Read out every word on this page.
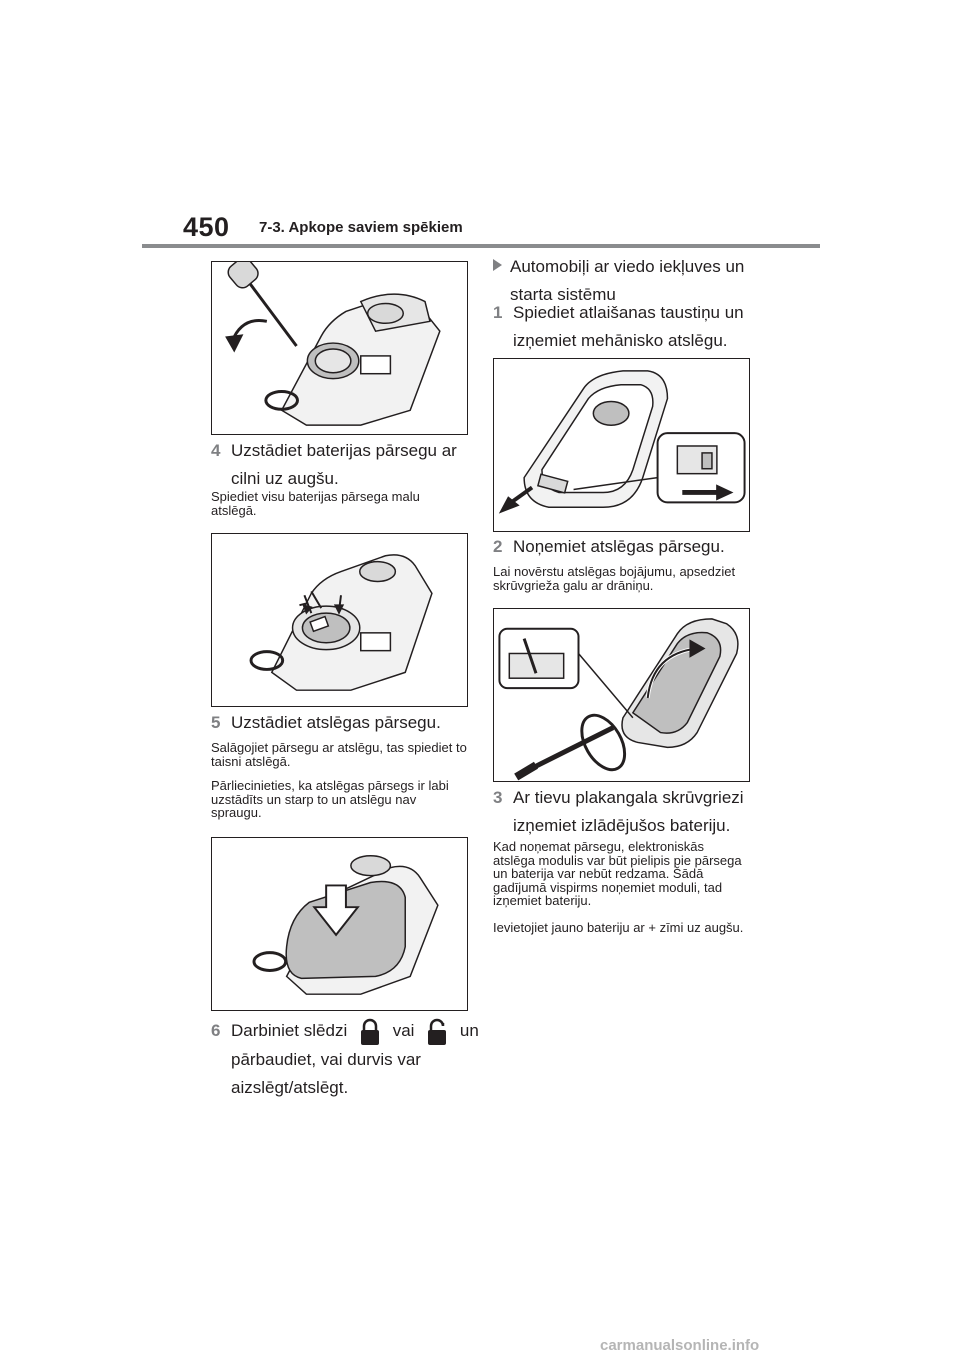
450 7-3. Apkope saviem spēkiem
4 Uzstādiet baterijas pārsegu ar
cilni uz augšu.
Spiediet visu baterijas pārsega malu atslēgā.
5 Uzstādiet atslēgas pārsegu.
Salāgojiet pārsegu ar atslēgu, tas spiediet to taisni atslēgā.
Pārliecinieties, ka atslēgas pārsegs ir labi uzstādīts un starp to un atslēgu nav spraugu.
6 Darbiniet slēdzi	vai	un
pārbaudiet, vai durvis var
aizslēgt/atslēgt.
Automobiļi ar viedo iekļuves un
starta sistēmu
1 Spiediet atlaišanas taustiņu un
izņemiet mehānisko atslēgu.
2 Noņemiet atslēgas pārsegu.
Lai novērstu atslēgas bojājumu, apsedziet skrūvgrieža galu ar drāniņu.
3 Ar tievu plakangala skrūvgriezi
izņemiet izlādējušos bateriju.
Kad noņemat pārsegu, elektroniskās atslēga modulis var būt pielipis pie pārsega un baterija var nebūt redzama. Šādā gadījumā vispirms noņemiet moduli, tad izņemiet bateriju.
Ievietojiet jauno bateriju ar + zīmi uz augšu.
carmanualsonline.info
